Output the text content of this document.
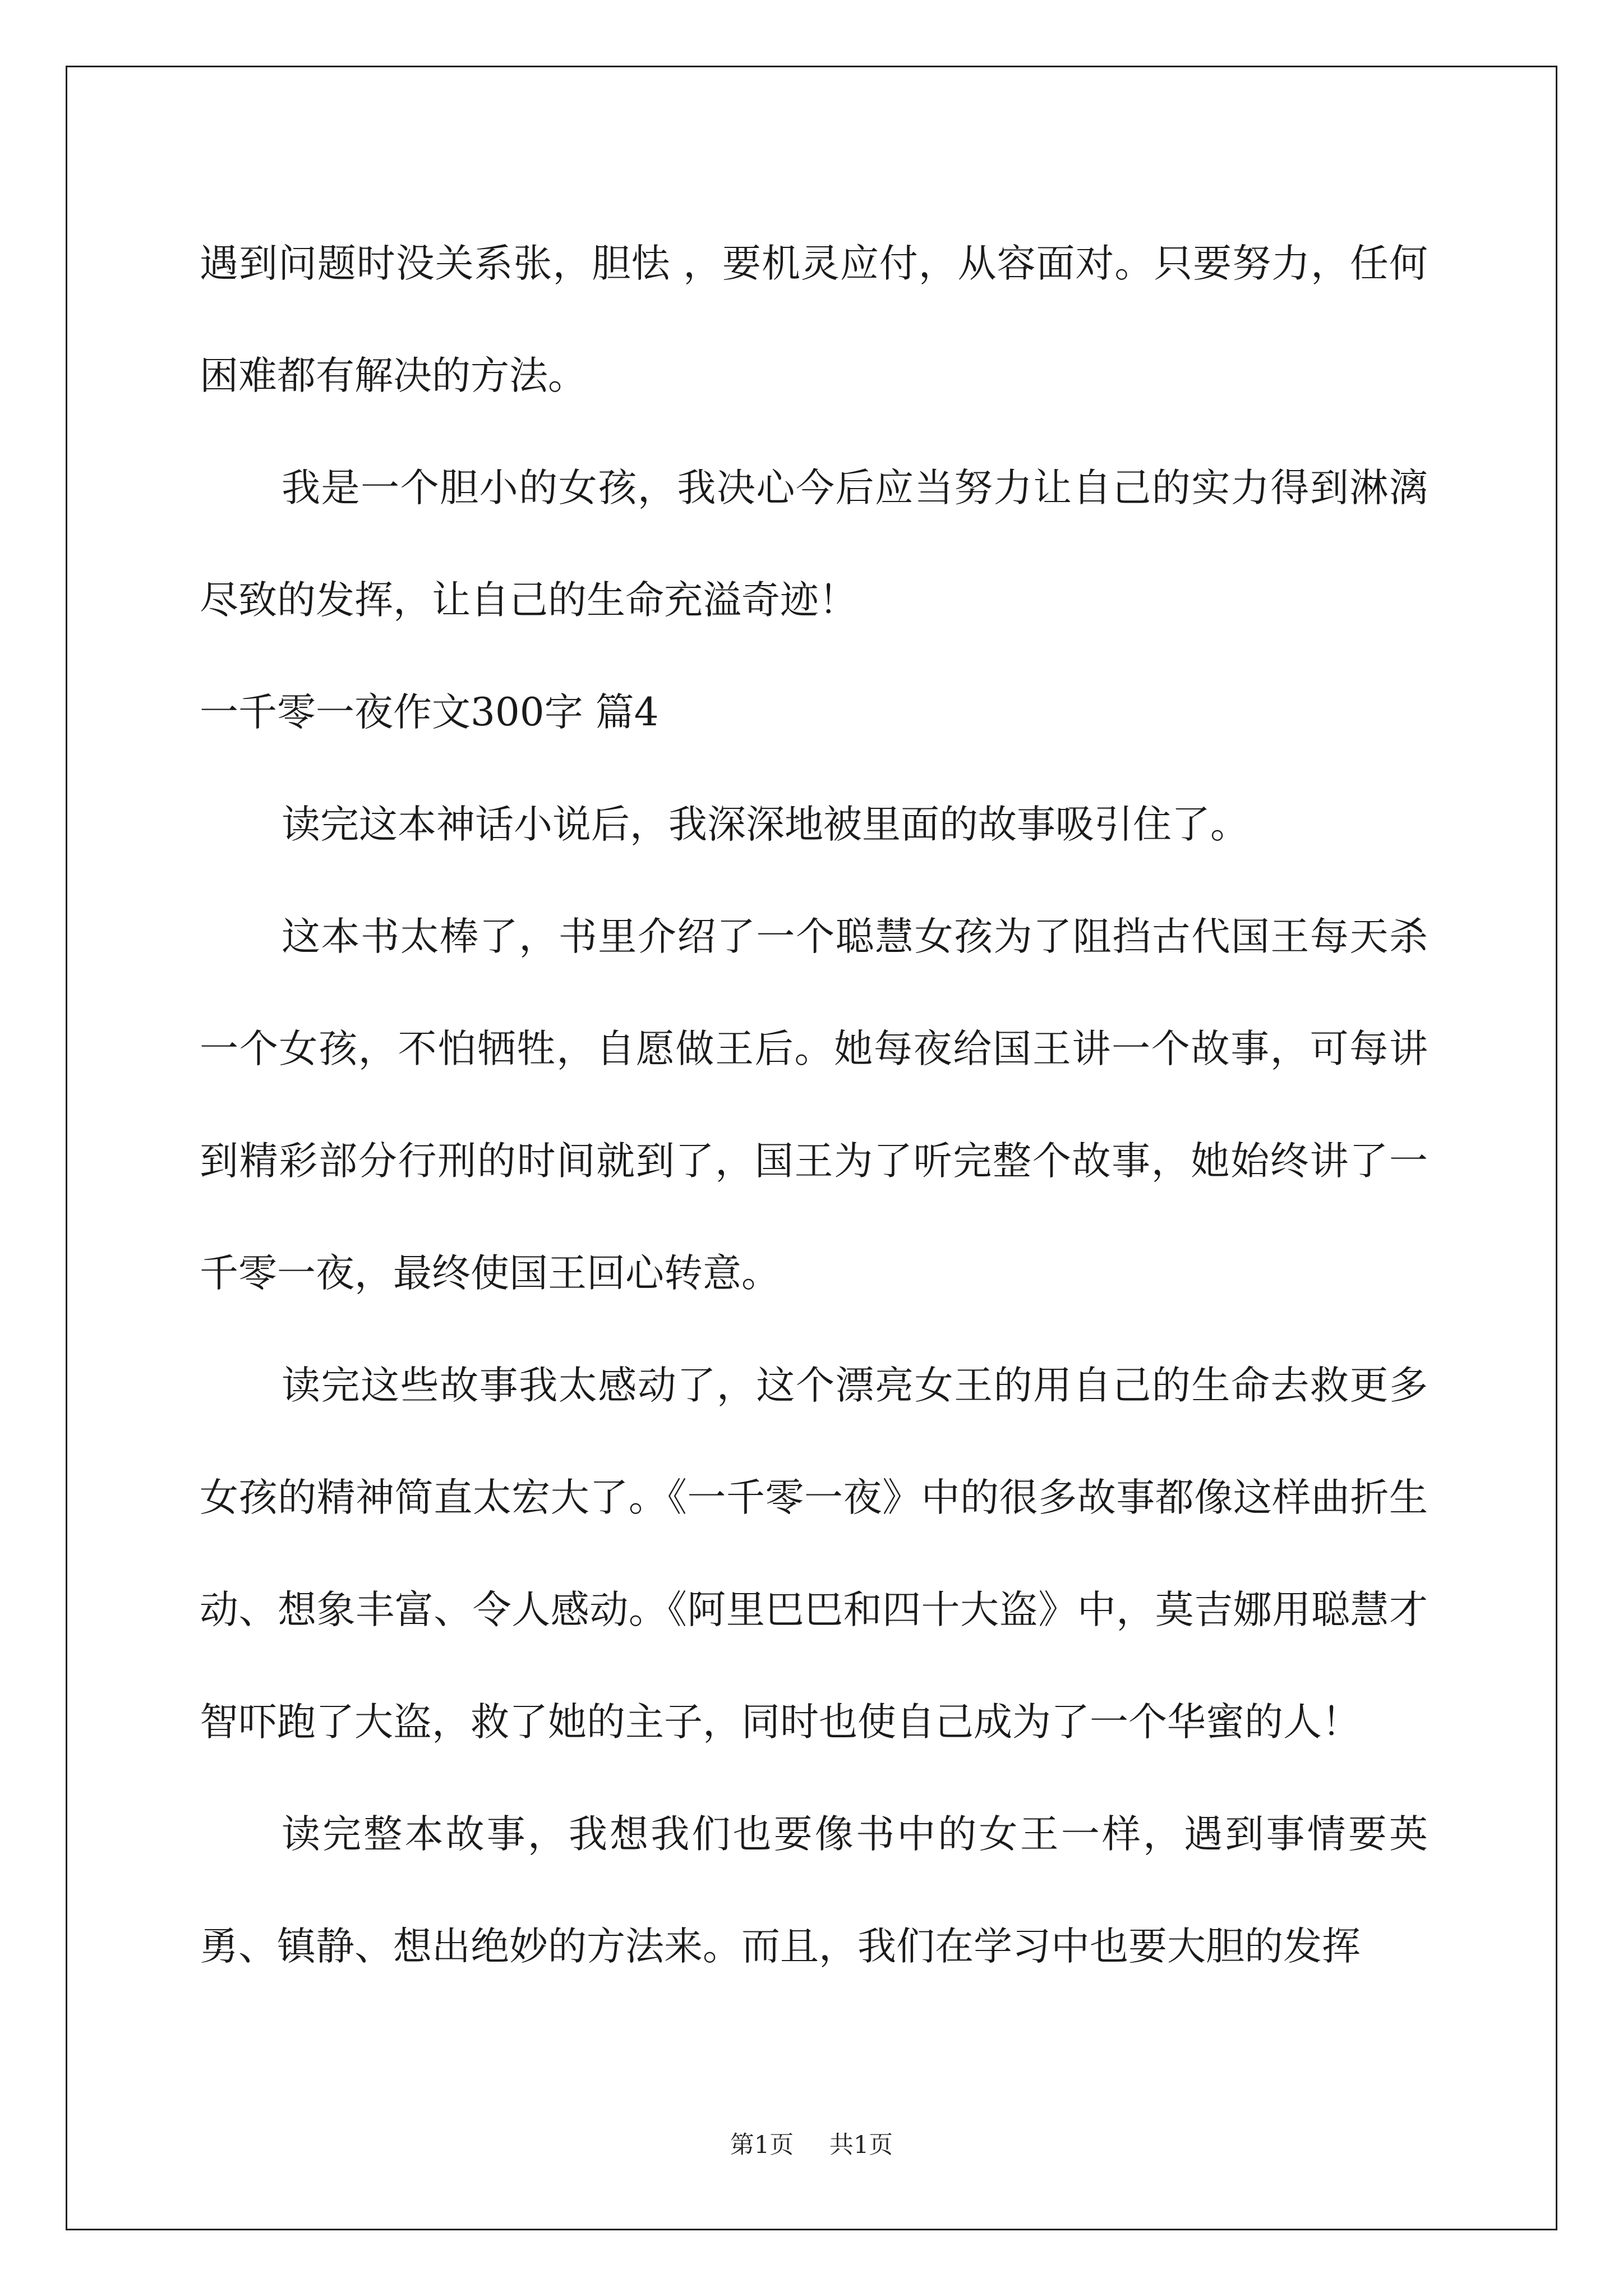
遇到问题时没关系张，胆怯 ，要机灵应付，从容面对。只要努力，任何困难都有解决的方法。

我是一个胆小的女孩，我决心今后应当努力让自己的实力得到淋漓尽致的发挥，让自己的生命充溢奇迹！

一千零一夜作文300字 篇4

读完这本神话小说后，我深深地被里面的故事吸引住了。

这本书太棒了，书里介绍了一个聪慧女孩为了阻挡古代国王每天杀一个女孩，不怕牺牲，自愿做王后。她每夜给国王讲一个故事，可每讲到精彩部分行刑的时间就到了，国王为了听完整个故事，她始终讲了一千零一夜，最终使国王回心转意。

读完这些故事我太感动了，这个漂亮女王的用自己的生命去救更多女孩的精神简直太宏大了。《一千零一夜》中的很多故事都像这样曲折生动、想象丰富、令人感动。《阿里巴巴和四十大盗》中，莫吉娜用聪慧才智吓跑了大盗，救了她的主子，同时也使自己成为了一个华蜜的人！

读完整本故事，我想我们也要像书中的女王一样，遇到事情要英勇、镇静、想出绝妙的方法来。而且，我们在学习中也要大胆的发挥

第1页 共1页
